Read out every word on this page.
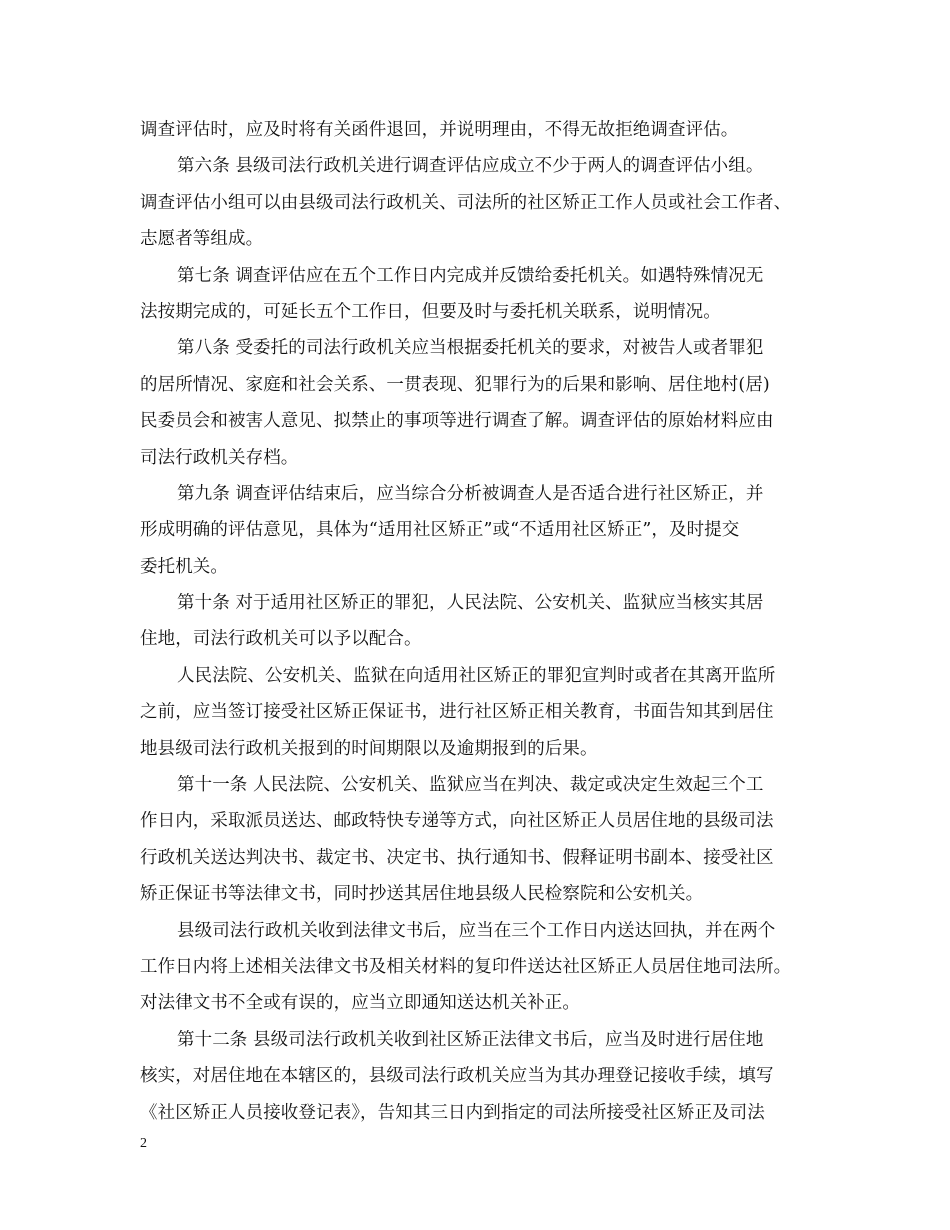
调查评估时，应及时将有关函件退回，并说明理由，不得无故拒绝调查评估。
第六条 县级司法行政机关进行调查评估应成立不少于两人的调查评估小组。
调查评估小组可以由县级司法行政机关、司法所的社区矫正工作人员或社会工作者、
志愿者等组成。
第七条 调查评估应在五个工作日内完成并反馈给委托机关。如遇特殊情况无
法按期完成的，可延长五个工作日，但要及时与委托机关联系，说明情况。
第八条 受委托的司法行政机关应当根据委托机关的要求，对被告人或者罪犯
的居所情况、家庭和社会关系、一贯表现、犯罪行为的后果和影响、居住地村(居)
民委员会和被害人意见、拟禁止的事项等进行调查了解。调查评估的原始材料应由
司法行政机关存档。
第九条 调查评估结束后，应当综合分析被调查人是否适合进行社区矫正，并
形成明确的评估意见，具体为“适用社区矫正”或“不适用社区矫正”，及时提交
委托机关。
第十条 对于适用社区矫正的罪犯，人民法院、公安机关、监狱应当核实其居
住地，司法行政机关可以予以配合。
人民法院、公安机关、监狱在向适用社区矫正的罪犯宣判时或者在其离开监所
之前，应当签订接受社区矫正保证书，进行社区矫正相关教育，书面告知其到居住
地县级司法行政机关报到的时间期限以及逾期报到的后果。
第十一条 人民法院、公安机关、监狱应当在判决、裁定或决定生效起三个工
作日内，采取派员送达、邮政特快专递等方式，向社区矫正人员居住地的县级司法
行政机关送达判决书、裁定书、决定书、执行通知书、假释证明书副本、接受社区
矫正保证书等法律文书，同时抄送其居住地县级人民检察院和公安机关。
县级司法行政机关收到法律文书后，应当在三个工作日内送达回执，并在两个
工作日内将上述相关法律文书及相关材料的复印件送达社区矫正人员居住地司法所。
对法律文书不全或有误的，应当立即通知送达机关补正。
第十二条 县级司法行政机关收到社区矫正法律文书后，应当及时进行居住地
核实，对居住地在本辖区的，县级司法行政机关应当为其办理登记接收手续，填写
《社区矫正人员接收登记表》，告知其三日内到指定的司法所接受社区矫正及司法
2
